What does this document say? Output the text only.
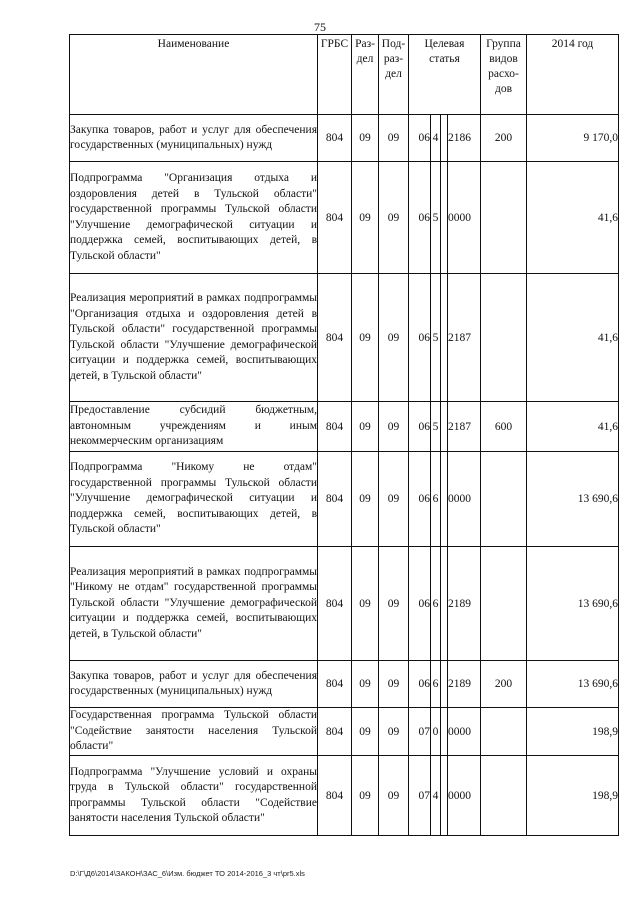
75
Наименование	ГРБС	Раз-дел	Под-раз-дел	Целевая статья				Группа видов расхо-дов	2014 год
Закупка товаров, работ и услуг для обеспечения государственных (муниципальных) нужд	804	09	09	06	4		2186	200	9 170,0
Подпрограмма "Организация отдыха и оздоровления детей в Тульской области" государственной программы Тульской области "Улучшение демографической ситуации и поддержка семей, воспитывающих детей, в Тульской области"	804	09	09	06	5		0000		41,6
Реализация мероприятий в рамках подпрограммы "Организация отдыха и оздоровления детей в Тульской области" государственной программы Тульской области "Улучшение демографической ситуации и поддержка семей, воспитывающих детей, в Тульской области"	804	09	09	06	5		2187		41,6
Предоставление субсидий бюджетным, автономным учреждениям и иным некоммерческим организациям	804	09	09	06	5		2187	600	41,6
Подпрограмма "Никому не отдам" государственной программы Тульской области "Улучшение демографической ситуации и поддержка семей, воспитывающих детей, в Тульской области"	804	09	09	06	6		0000		13 690,6
Реализация мероприятий в рамках подпрограммы "Никому не отдам" государственной программы Тульской области "Улучшение демографической ситуации и поддержка семей, воспитывающих детей, в Тульской области"	804	09	09	06	6		2189		13 690,6
Закупка товаров, работ и услуг для обеспечения государственных (муниципальных) нужд	804	09	09	06	6		2189	200	13 690,6
Государственная программа Тульской области "Содействие занятости населения Тульской области"	804	09	09	07	0		0000		198,9
Подпрограмма "Улучшение условий и охраны труда в Тульской области" государственной программы Тульской области "Содействие занятости населения Тульской области"	804	09	09	07	4		0000		198,9
D:\Г\Д6\2014\ЗАКОН\ЗАС_6\Изм. бюджет ТО 2014-2016_3 чт\pr5.xls
